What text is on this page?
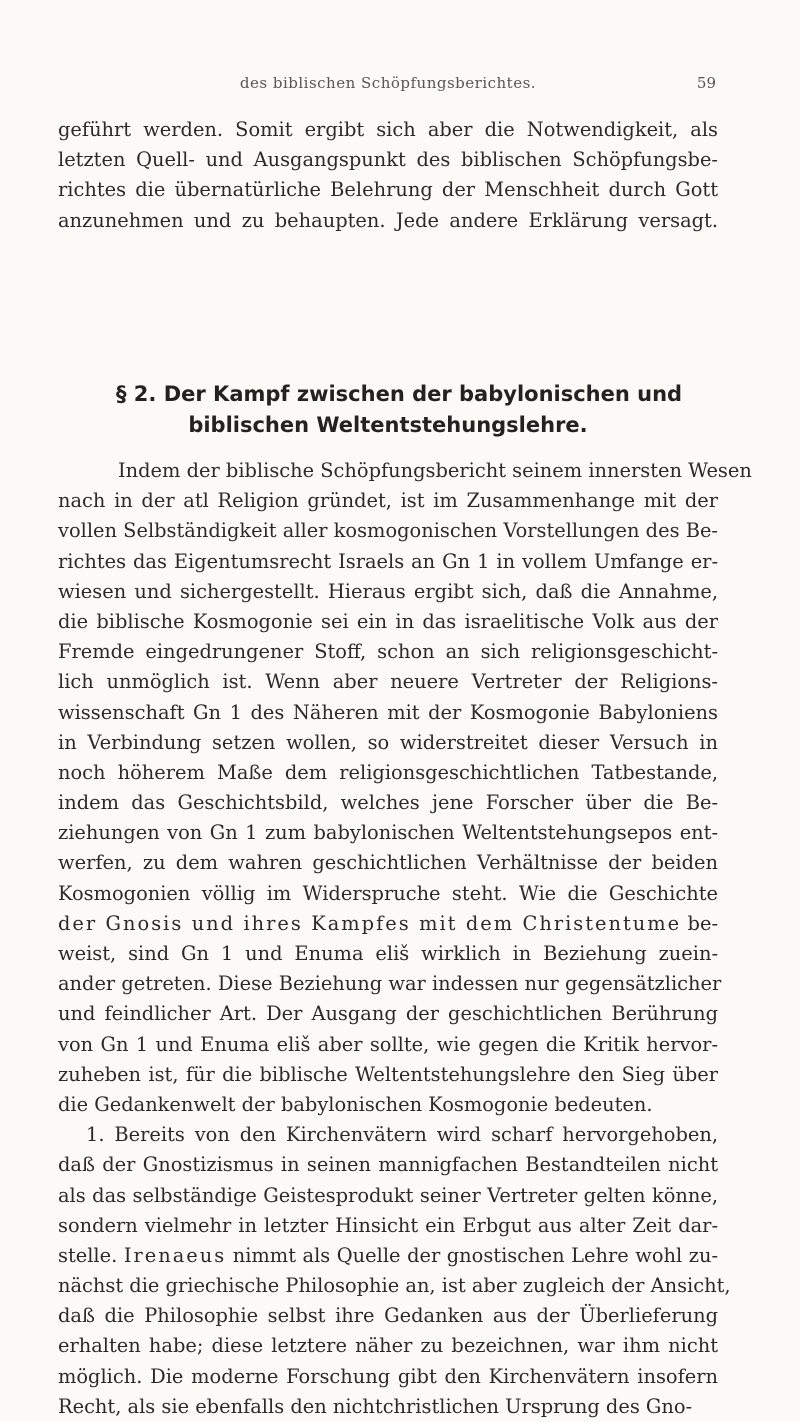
des biblischen Schöpfungsberichtes.	59
geführt werden. Somit ergibt sich aber die Notwendigkeit, als
letzten Quell- und Ausgangspunkt des biblischen Schöpfungsbe-
richtes die übernatürliche Belehrung der Menschheit durch Gott
anzunehmen und zu behaupten. Jede andere Erklärung versagt.
§ 2. Der Kampf zwischen der babylonischen und
biblischen Weltentstehungslehre.
Indem der biblische Schöpfungsbericht seinem innersten Wesen
nach in der atl Religion gründet, ist im Zusammenhange mit der
vollen Selbständigkeit aller kosmogonischen Vorstellungen des Be-
richtes das Eigentumsrecht Israels an Gn 1 in vollem Umfange er-
wiesen und sichergestellt. Hieraus ergibt sich, daß die Annahme,
die biblische Kosmogonie sei ein in das israelitische Volk aus der
Fremde eingedrungener Stoff, schon an sich religionsgeschicht-
lich unmöglich ist. Wenn aber neuere Vertreter der Religions-
wissenschaft Gn 1 des Näheren mit der Kosmogonie Babyloniens
in Verbindung setzen wollen, so widerstreitet dieser Versuch in
noch höherem Maße dem religionsgeschichtlichen Tatbestande,
indem das Geschichtsbild, welches jene Forscher über die Be-
ziehungen von Gn 1 zum babylonischen Weltentstehungsepos ent-
werfen, zu dem wahren geschichtlichen Verhältnisse der beiden
Kosmogonien völlig im Widerspruche steht. Wie die Geschichte
der Gnosis und ihres Kampfes mit dem Christentume be-
weist, sind Gn 1 und Enuma eliš wirklich in Beziehung zuein-
ander getreten. Diese Beziehung war indessen nur gegensätzlicher
und feindlicher Art. Der Ausgang der geschichtlichen Berührung
von Gn 1 und Enuma eliš aber sollte, wie gegen die Kritik hervor-
zuheben ist, für die biblische Weltentstehungslehre den Sieg über
die Gedankenwelt der babylonischen Kosmogonie bedeuten.
1. Bereits von den Kirchenvätern wird scharf hervorgehoben,
daß der Gnostizismus in seinen mannigfachen Bestandteilen nicht
als das selbständige Geistesprodukt seiner Vertreter gelten könne,
sondern vielmehr in letzter Hinsicht ein Erbgut aus alter Zeit dar-
stelle. Irenaeus nimmt als Quelle der gnostischen Lehre wohl zu-
nächst die griechische Philosophie an, ist aber zugleich der Ansicht,
daß die Philosophie selbst ihre Gedanken aus der Überlieferung
erhalten habe; diese letztere näher zu bezeichnen, war ihm nicht
möglich. Die moderne Forschung gibt den Kirchenvätern insofern
Recht, als sie ebenfalls den nichtchristlichen Ursprung des Gno-
